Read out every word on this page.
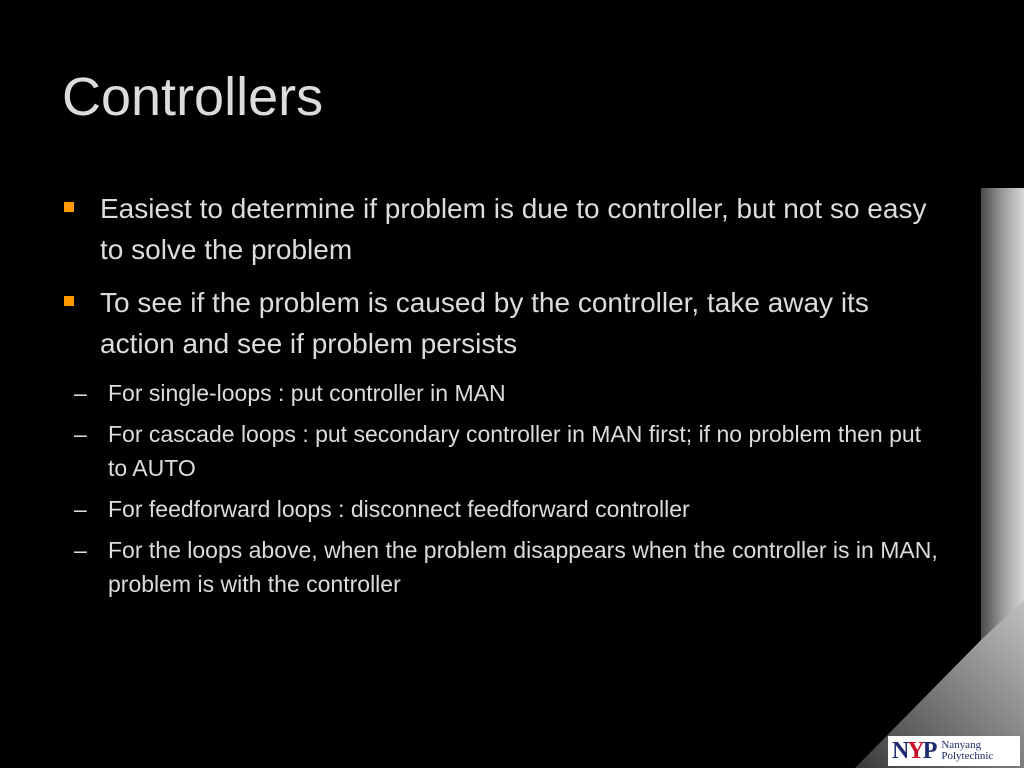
Controllers
Easiest to determine if problem is due to controller, but not so easy to solve the problem
To see if the problem is caused by the controller, take away its action and see if problem persists
– For single-loops : put controller in MAN
– For cascade loops : put secondary controller in MAN first; if no problem then put to AUTO
– For feedforward loops : disconnect feedforward controller
– For the loops above, when the problem disappears when the controller is in MAN, problem is with the controller
NYP Nanyang
Polytechnic
